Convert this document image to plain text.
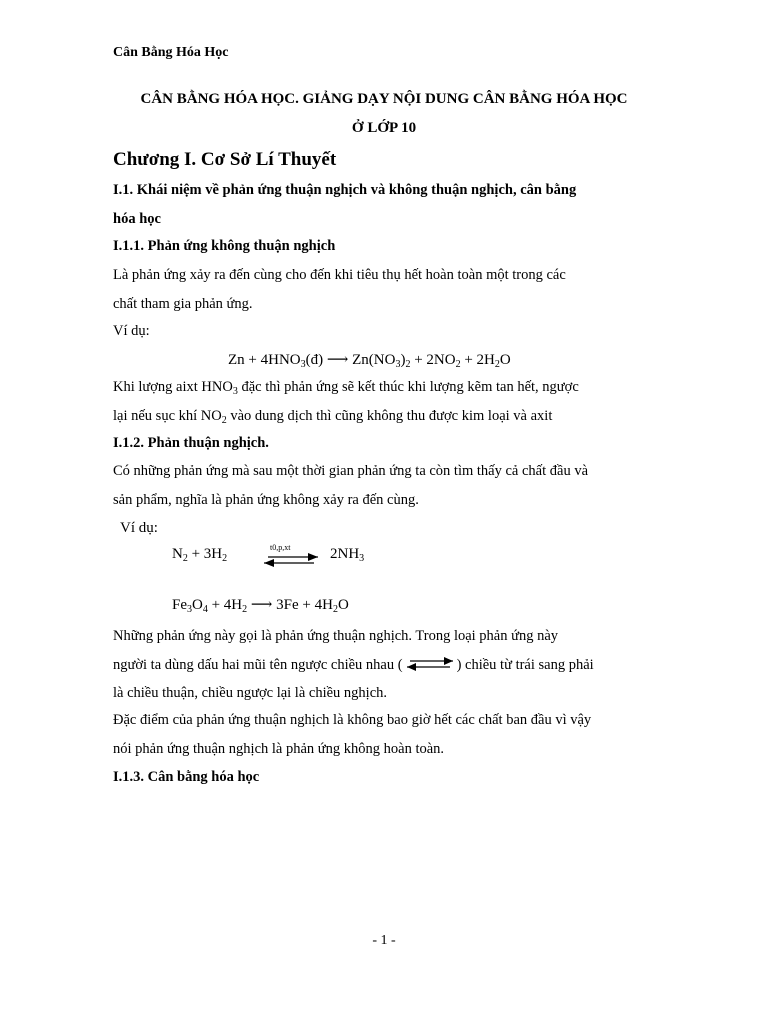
Cân Bằng Hóa Học
CÂN BẰNG HÓA HỌC. GIẢNG DẠY NỘI DUNG CÂN BẰNG HÓA HỌC
Ở LỚP 10
Chương I. Cơ Sở Lí Thuyết
I.1. Khái niệm về phản ứng thuận nghịch và không thuận nghịch, cân bằng
hóa học
I.1.1. Phản ứng không thuận nghịch
Là phản ứng xảy ra đến cùng cho đến khi tiêu thụ hết hoàn toàn một trong các
chất tham gia phản ứng.
Ví dụ:
$Zn + 4HNO_3(đ)$ ⟶ $Zn(NO_3)_2 + 2NO_2 + 2H_2O$
Khi lượng aixt $HNO_3$ đặc thì phản ứng sẽ kết thúc khi lượng kẽm tan hết, ngược
lại nếu sục khí $NO_2$ vào dung dịch thì cũng không thu được kim loại và axit
I.1.2. Phản thuận nghịch.
Có những phản ứng mà sau một thời gian phản ứng ta còn tìm thấy cả chất đầu và
sản phẩm, nghĩa là phản ứng không xảy ra đến cùng.
Ví dụ:
$N_2 + 3H_2$
t0,p,xt	$2NH_3$
$Fe_3O_4 + 4H_2$ ⟶ $3Fe + 4H_2O$
Những phản ứng này gọi là phản ứng thuận nghịch. Trong loại phản ứng này
người ta dùng dấu hai mũi tên ngược chiều nhau (	) chiều từ trái sang phải
là chiều thuận, chiều ngược lại là chiều nghịch.
Đặc điểm của phản ứng thuận nghịch là không bao giờ hết các chất ban đầu vì vậy
nói phản ứng thuận nghịch là phản ứng không hoàn toàn.
I.1.3. Cân bằng hóa học
- 1 -
